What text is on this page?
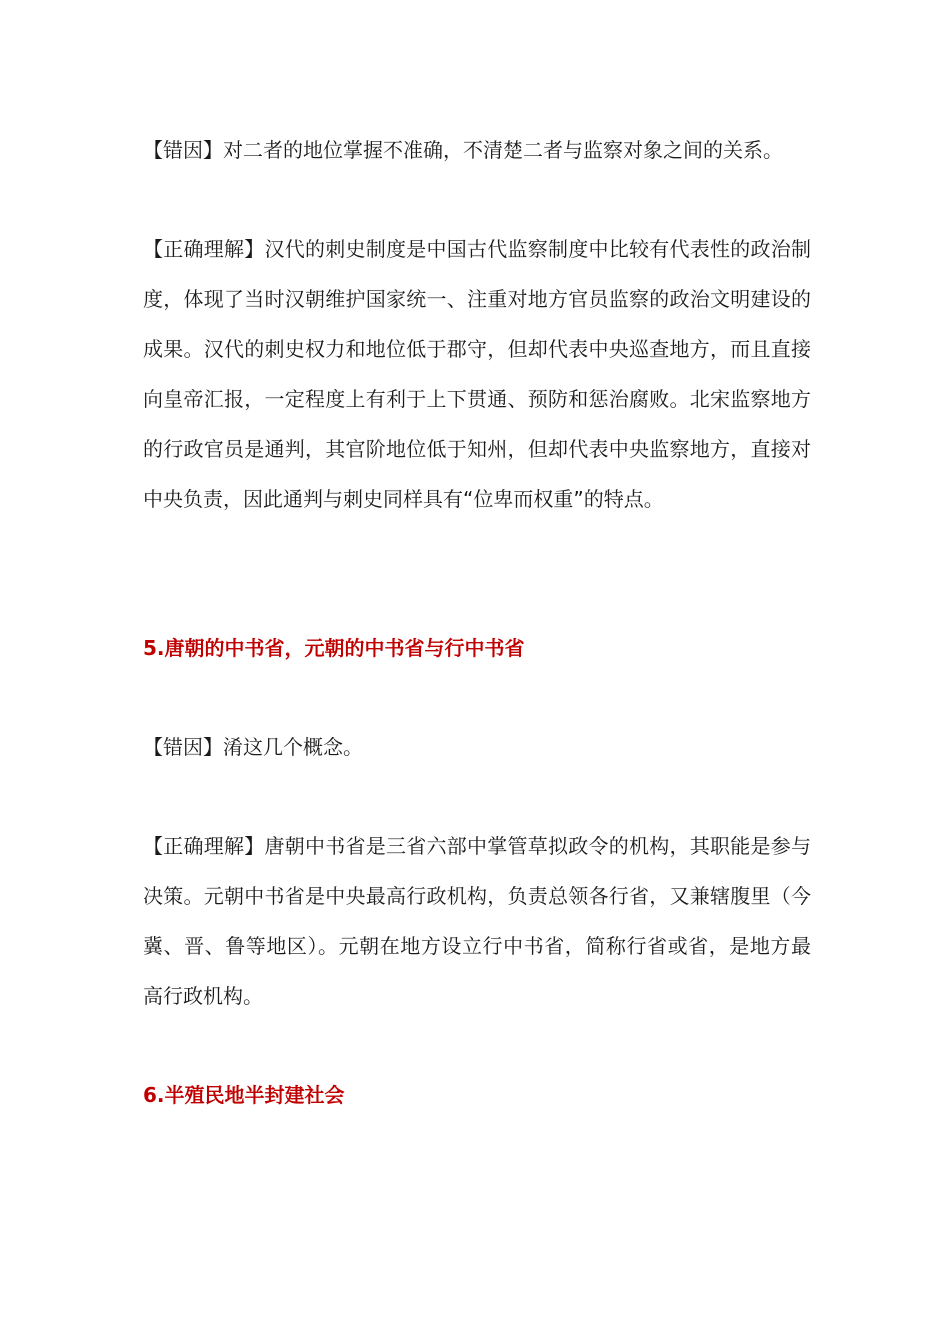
【错因】对二者的地位掌握不准确，不清楚二者与监察对象之间的关系。

【正确理解】汉代的刺史制度是中国古代监察制度中比较有代表性的政治制度，体现了当时汉朝维护国家统一、注重对地方官员监察的政治文明建设的成果。汉代的刺史权力和地位低于郡守，但却代表中央巡查地方，而且直接向皇帝汇报，一定程度上有利于上下贯通、预防和惩治腐败。北宋监察地方的行政官员是通判，其官阶地位低于知州，但却代表中央监察地方，直接对中央负责，因此通判与刺史同样具有“位卑而权重”的特点。

5.唐朝的中书省，元朝的中书省与行中书省

【错因】淆这几个概念。

【正确理解】唐朝中书省是三省六部中掌管草拟政令的机构，其职能是参与决策。元朝中书省是中央最高行政机构，负责总领各行省，又兼辖腹里（今冀、晋、鲁等地区）。元朝在地方设立行中书省，简称行省或省，是地方最高行政机构。

6.半殖民地半封建社会
